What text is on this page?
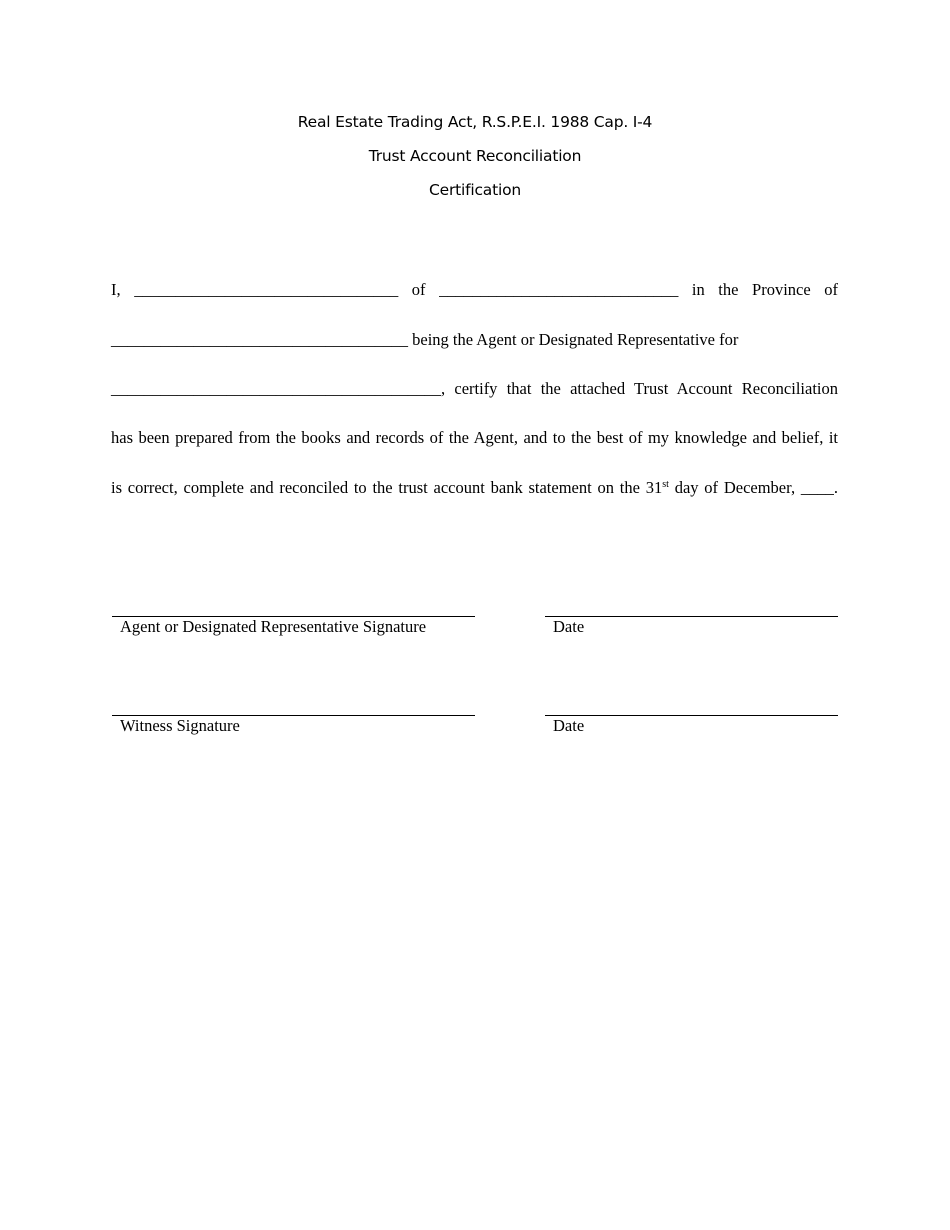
Real Estate Trading Act, R.S.P.E.I. 1988 Cap. I-4
Trust Account Reconciliation
Certification
I, ________________________________ of _____________________________ in the Province of
____________________________________ being the Agent or Designated Representative for
________________________________________, certify that the attached Trust Account Reconciliation
has been prepared from the books and records of the Agent, and to the best of my knowledge and belief, it
is correct, complete and reconciled to the trust account bank statement on the 31st day of December, ____.
Agent or Designated Representative Signature	Date
Witness Signature	Date
